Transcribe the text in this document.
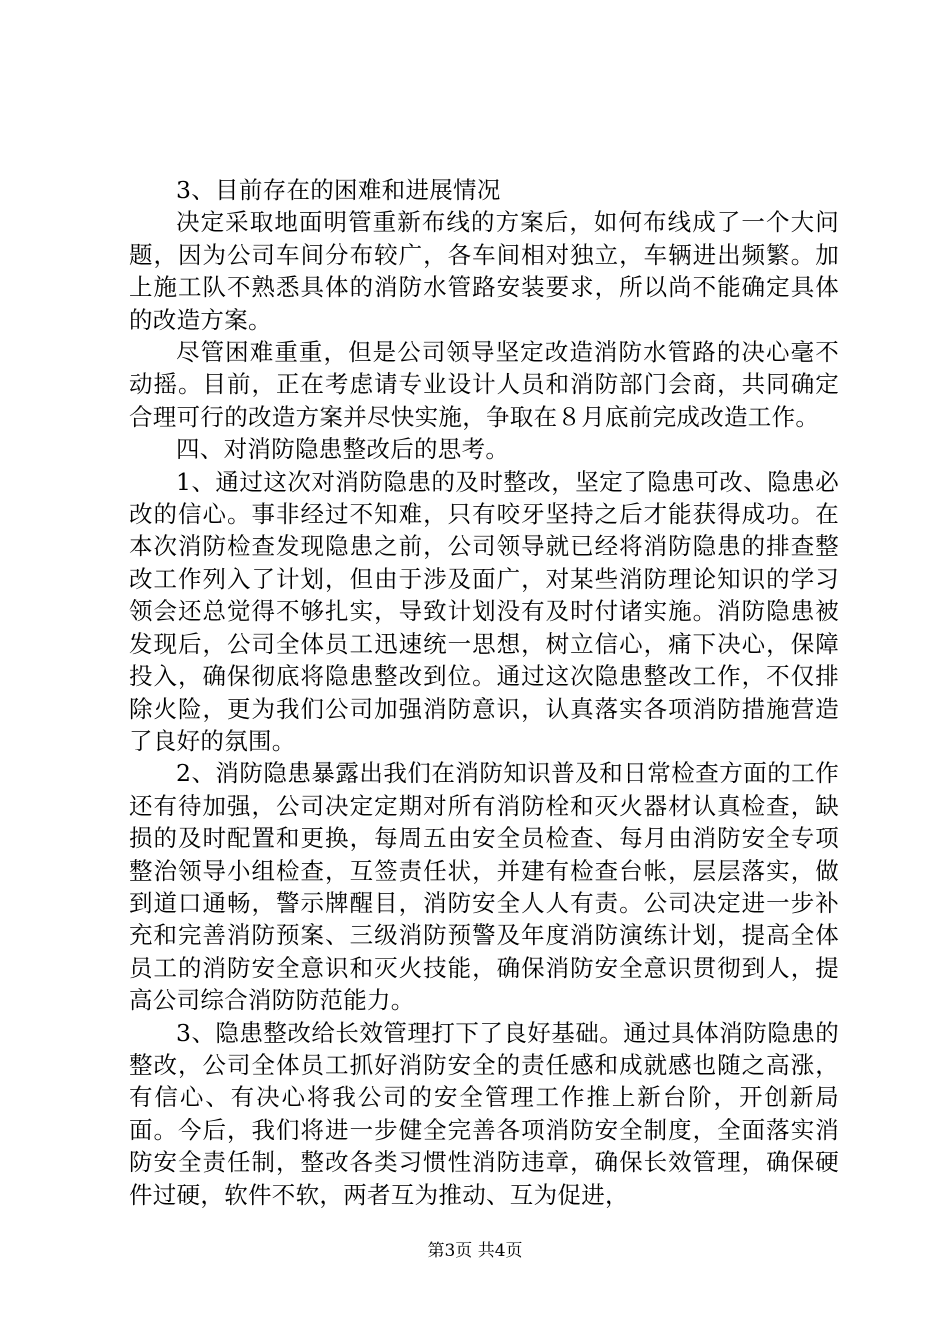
3、目前存在的困难和进展情况

决定采取地面明管重新布线的方案后，如何布线成了一个大问题，因为公司车间分布较广，各车间相对独立，车辆进出频繁。加上施工队不熟悉具体的消防水管路安装要求，所以尚不能确定具体的改造方案。

尽管困难重重，但是公司领导坚定改造消防水管路的决心毫不动摇。目前，正在考虑请专业设计人员和消防部门会商，共同确定合理可行的改造方案并尽快实施，争取在８月底前完成改造工作。

四、对消防隐患整改后的思考。

1、通过这次对消防隐患的及时整改，坚定了隐患可改、隐患必改的信心。事非经过不知难，只有咬牙坚持之后才能获得成功。在本次消防检查发现隐患之前，公司领导就已经将消防隐患的排查整改工作列入了计划，但由于涉及面广，对某些消防理论知识的学习领会还总觉得不够扎实，导致计划没有及时付诸实施。消防隐患被发现后，公司全体员工迅速统一思想，树立信心，痛下决心，保障投入，确保彻底将隐患整改到位。通过这次隐患整改工作，不仅排除火险，更为我们公司加强消防意识，认真落实各项消防措施营造了良好的氛围。

2、消防隐患暴露出我们在消防知识普及和日常检查方面的工作还有待加强，公司决定定期对所有消防栓和灭火器材认真检查，缺损的及时配置和更换，每周五由安全员检查、每月由消防安全专项整治领导小组检查，互签责任状，并建有检查台帐，层层落实，做到道口通畅，警示牌醒目，消防安全人人有责。公司决定进一步补充和完善消防预案、三级消防预警及年度消防演练计划，提高全体员工的消防安全意识和灭火技能，确保消防安全意识贯彻到人，提高公司综合消防防范能力。

3、隐患整改给长效管理打下了良好基础。通过具体消防隐患的整改，公司全体员工抓好消防安全的责任感和成就感也随之高涨，有信心、有决心将我公司的安全管理工作推上新台阶，开创新局面。今后，我们将进一步健全完善各项消防安全制度，全面落实消防安全责任制，整改各类习惯性消防违章，确保长效管理，确保硬件过硬，软件不软，两者互为推动、互为促进，

第3页 共4页
